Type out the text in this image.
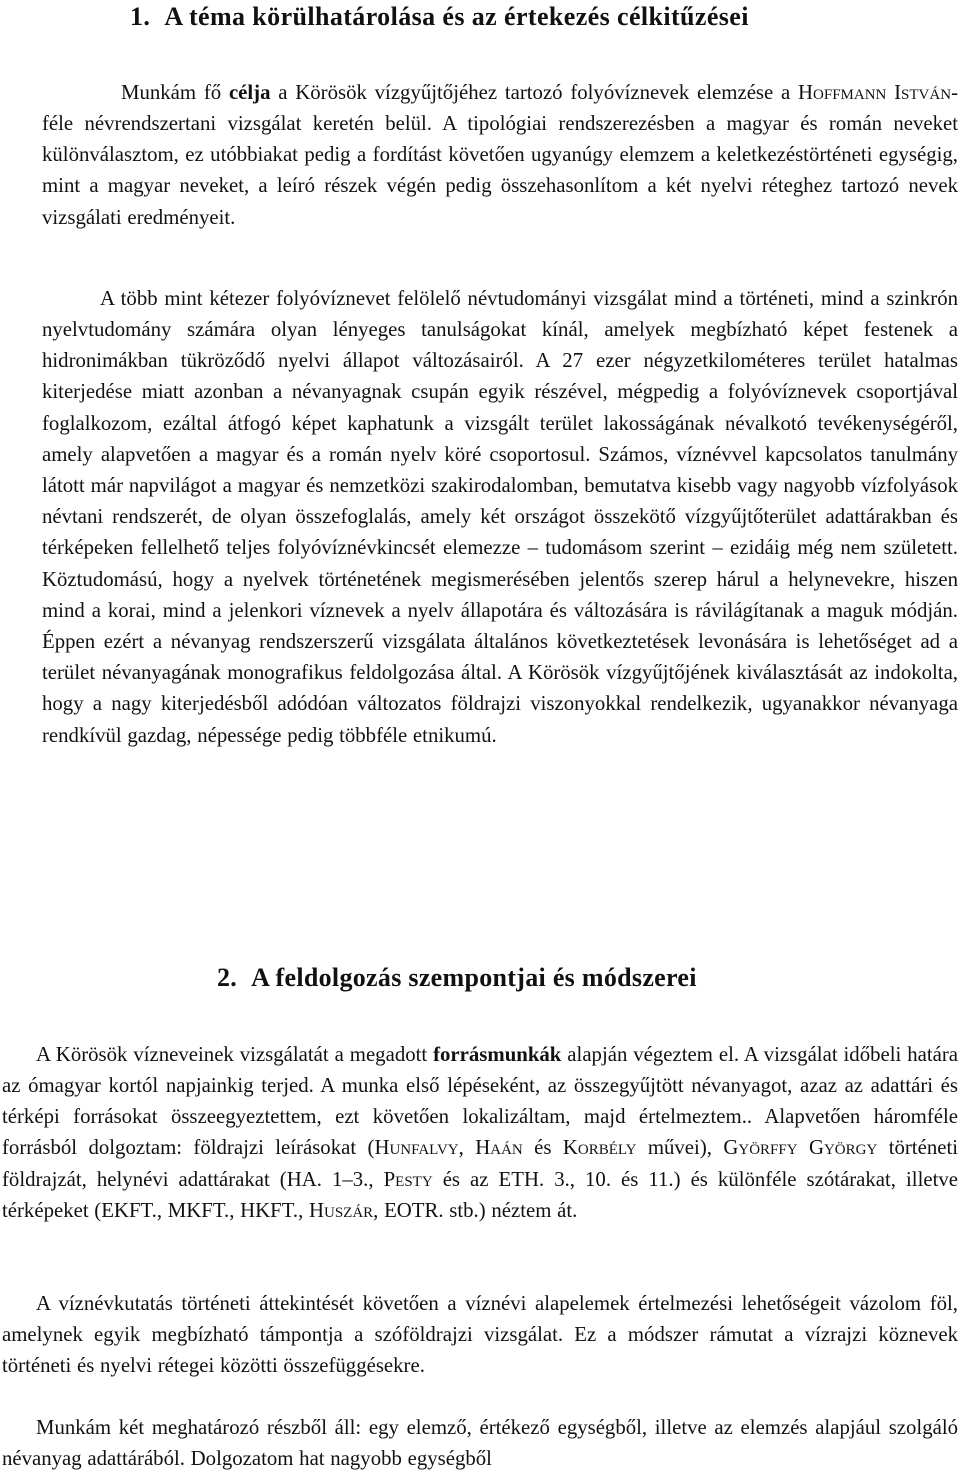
1. A téma körülhatárolása és az értekezés célkitűzései

Munkám fő célja a Körösök vízgyűjtőjéhez tartozó folyóvíznevek elemzése a Hoffmann István-féle névrendszertani vizsgálat keretén belül. A tipológiai rendszerezésben a magyar és román neveket különválasztom, ez utóbbiakat pedig a fordítást követően ugyanúgy elemzem a keletkezéstörténeti egységig, mint a magyar neveket, a leíró részek végén pedig összehasonlítom a két nyelvi réteghez tartozó nevek vizsgálati eredményeit.

A több mint kétezer folyóvíznevet felölelő névtudományi vizsgálat mind a történeti, mind a szinkrón nyelvtudomány számára olyan lényeges tanulságokat kínál, amelyek megbízható képet festenek a hidronimákban tükröződő nyelvi állapot változásairól. A 27 ezer négyzetkilométeres terület hatalmas kiterjedése miatt azonban a névanyagnak csupán egyik részével, mégpedig a folyóvíznevek csoportjával foglalkozom, ezáltal átfogó képet kaphatunk a vizsgált terület lakosságának névalkotó tevékenységéről, amely alapvetően a magyar és a román nyelv köré csoportosul. Számos, víznévvel kapcsolatos tanulmány látott már napvilágot a magyar és nemzetközi szakirodalomban, bemutatva kisebb vagy nagyobb vízfolyások névtani rendszerét, de olyan összefoglalás, amely két országot összekötő vízgyűjtőterület adattárakban és térképeken fellelhető teljes folyóvíznévkincsét elemezze – tudomásom szerint – ezidáig még nem született. Köztudomású, hogy a nyelvek történetének megismerésében jelentős szerep hárul a helynevekre, hiszen mind a korai, mind a jelenkori víznevek a nyelv állapotára és változására is rávilágítanak a maguk módján. Éppen ezért a névanyag rendszerszerű vizsgálata általános következtetések levonására is lehetőséget ad a terület névanyagának monografikus feldolgozása által. A Körösök vízgyűjtőjének kiválasztását az indokolta, hogy a nagy kiterjedésből adódóan változatos földrajzi viszonyokkal rendelkezik, ugyanakkor névanyaga rendkívül gazdag, népessége pedig többféle etnikumú.

2. A feldolgozás szempontjai és módszerei

A Körösök vízneveinek vizsgálatát a megadott forrásmunkák alapján végeztem el. A vizsgálat időbeli határa az ómagyar kortól napjainkig terjed. A munka első lépéseként, az összegyűjtött névanyagot, azaz az adattári és térképi forrásokat összeegyeztettem, ezt követően lokalizáltam, majd értelmeztem.. Alapvetően háromféle forrásból dolgoztam: földrajzi leírásokat (Hunfalvy, Haán és Korbély művei), Györffy György történeti földrajzát, helynévi adattárakat (HA. 1–3., Pesty és az ETH. 3., 10. és 11.) és különféle szótárakat, illetve térképeket (EKFT., MKFT., HKFT., Huszár, EOTR. stb.) néztem át.

A víznévkutatás történeti áttekintését követően a víznévi alapelemek értelmezési lehetőségeit vázolom föl, amelynek egyik megbízható támpontja a szóföldrajzi vizsgálat. Ez a módszer rámutat a vízrajzi köznevek történeti és nyelvi rétegei közötti összefüggésekre.

Munkám két meghatározó részből áll: egy elemző, értékező egységből, illetve az elemzés alapjául szolgáló névanyag adattárából. Dolgozatom hat nagyobb egységből
